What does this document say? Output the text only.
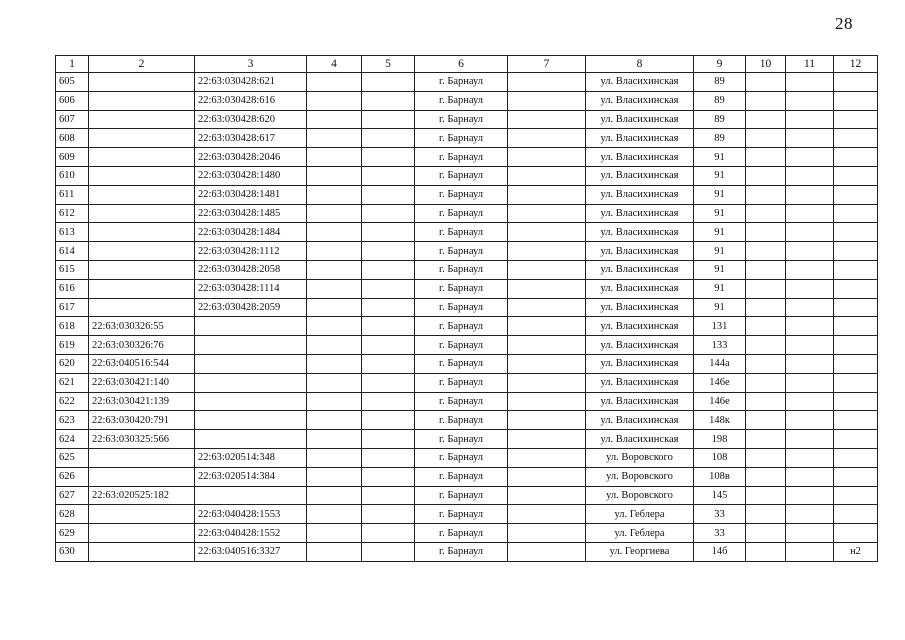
28
1	2	3	4	5	6	7	8	9	10	11	12
605		22:63:030428:621			г. Барнаул		ул. Власихинская	89			
606		22:63:030428:616			г. Барнаул		ул. Власихинская	89			
607		22:63:030428:620			г. Барнаул		ул. Власихинская	89			
608		22:63:030428:617			г. Барнаул		ул. Власихинская	89			
609		22:63:030428:2046			г. Барнаул		ул. Власихинская	91			
610		22:63:030428:1480			г. Барнаул		ул. Власихинская	91			
611		22:63:030428:1481			г. Барнаул		ул. Власихинская	91			
612		22:63:030428:1485			г. Барнаул		ул. Власихинская	91			
613		22:63:030428:1484			г. Барнаул		ул. Власихинская	91			
614		22:63:030428:1112			г. Барнаул		ул. Власихинская	91			
615		22:63:030428:2058			г. Барнаул		ул. Власихинская	91			
616		22:63:030428:1114			г. Барнаул		ул. Власихинская	91			
617		22:63:030428:2059			г. Барнаул		ул. Власихинская	91			
618	22:63:030326:55				г. Барнаул		ул. Власихинская	131			
619	22:63:030326:76				г. Барнаул		ул. Власихинская	133			
620	22:63:040516:544				г. Барнаул		ул. Власихинская	144а			
621	22:63:030421:140				г. Барнаул		ул. Власихинская	146е			
622	22:63:030421:139				г. Барнаул		ул. Власихинская	146е			
623	22:63:030420:791				г. Барнаул		ул. Власихинская	148к			
624	22:63:030325:566				г. Барнаул		ул. Власихинская	198			
625		22:63:020514:348			г. Барнаул		ул. Воровского	108			
626		22:63:020514:384			г. Барнаул		ул. Воровского	108в			
627	22:63:020525:182				г. Барнаул		ул. Воровского	145			
628		22:63:040428:1553			г. Барнаул		ул. Геблера	33			
629		22:63:040428:1552			г. Барнаул		ул. Геблера	33			
630		22:63:040516:3327			г. Барнаул		ул. Георгиева	14б			н2
